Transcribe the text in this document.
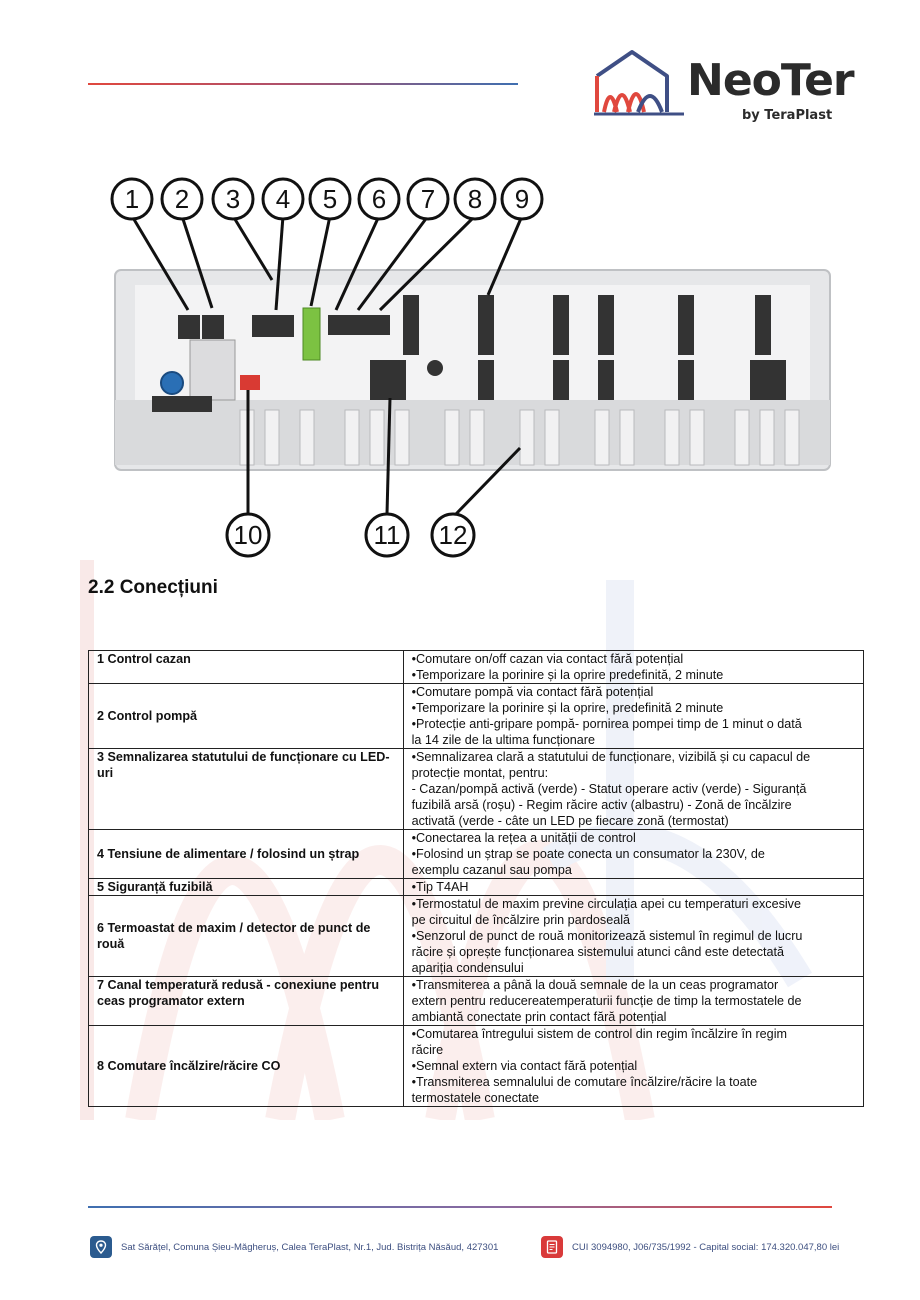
NeoTer
by TeraPlast
1 2 3 4 5 6 7 8 9
10	11 12
2.2 Conecțiuni
1 Control cazan	•Comutare on/off cazan via contact fără potențial
•Temporizare la porinire și la oprire predefinită, 2 minute

2 Control pompă	•Comutare pompă via contact fără potențial
•Temporizare la porinire și la oprire, predefinită 2 minute
•Protecție anti-gripare pompă- pornirea pompei timp de 1 minut o dată
la 14 zile de la ultima funcționare

3 Semnalizarea statutului de funcționare cu LED-uri	•Semnalizarea clară a statutului de funcționare, vizibilă și cu capacul de
protecție montat, pentru:
- Cazan/pompă activă (verde) - Statut operare activ (verde) - Siguranță
fuzibilă arsă (roșu) - Regim răcire activ (albastru) - Zonă de încălzire
activată (verde - câte un LED pe fiecare zonă (termostat)

4 Tensiune de alimentare / folosind un ștrap	•Conectarea la rețea a unității de control
•Folosind un ștrap se poate conecta un consumator la 230V, de
exemplu cazanul sau pompa

5 Siguranță fuzibilă	•Tip T4AH

6 Termoastat de maxim / detector de punct de rouă	•Termostatul de maxim previne circulația apei cu temperaturi excesive
pe circuitul de încălzire prin pardoseală
•Senzorul de punct de rouă monitorizează sistemul în regimul de lucru
răcire și oprește funcționarea sistemului atunci când este detectată
apariția condensului

7 Canal temperatură redusă - conexiune pentru ceas programator extern	•Transmiterea a până la două semnale de la un ceas programator
extern pentru reducereatemperaturii funcție de timp la termostatele de
ambiantă conectate prin contact fără potențial

8 Comutare încălzire/răcire CO	•Comutarea întregului sistem de control din regim încălzire în regim
răcire
•Semnal extern via contact fără potențial
•Transmiterea semnalului de comutare încălzire/răcire la toate
termostatele conectate
Sat Sărățel, Comuna Șieu-Măgheruș, Calea TeraPlast, Nr.1, Jud. Bistrița Năsăud, 427301	CUI 3094980, J06/735/1992 - Capital social: 174.320.047,80 lei
